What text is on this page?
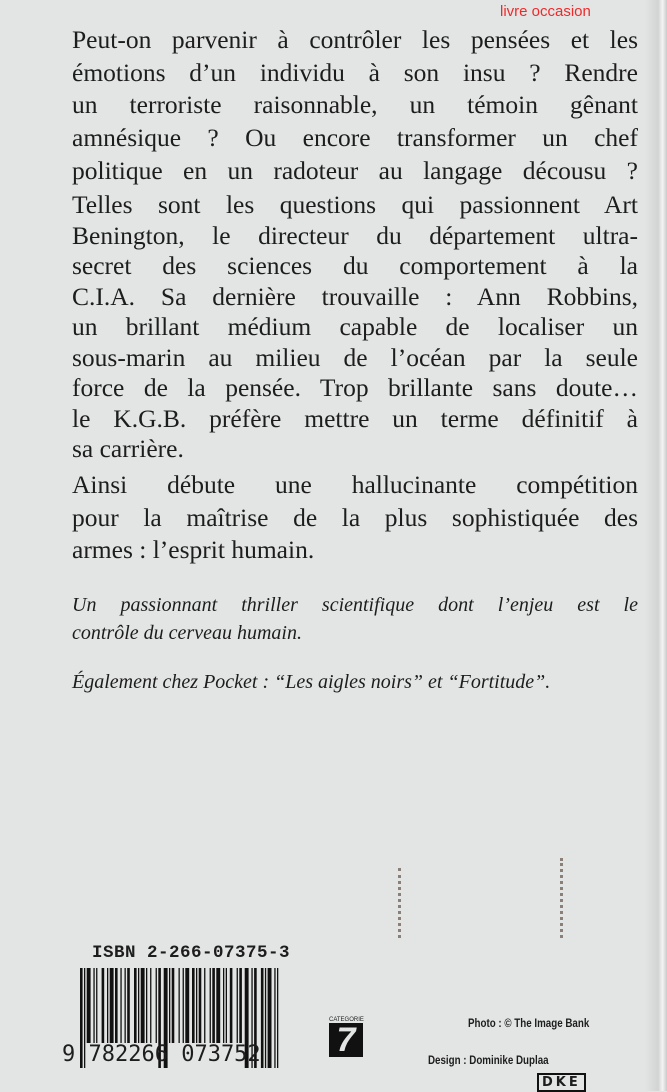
Peut-on parvenir à contrôler les pensées et les
émotions d’un individu à son insu ? Rendre
un terroriste raisonnable, un témoin gênant
amnésique ? Ou encore transformer un chef
politique en un radoteur au langage décousu ?
Telles sont les questions qui passionnent Art
Benington, le directeur du département ultra-
secret des sciences du comportement à la
C.I.A. Sa dernière trouvaille : Ann Robbins,
un brillant médium capable de localiser un
sous-marin au milieu de l’océan par la seule
force de la pensée. Trop brillante sans doute…
le K.G.B. préfère mettre un terme définitif à
sa carrière.
Ainsi débute une hallucinante compétition
pour la maîtrise de la plus sophistiquée des
armes : l’esprit humain.
livre occasion
Un passionnant thriller scientifique dont l’enjeu est le
contrôle du cerveau humain.
Également chez Pocket : “Les aigles noirs” et “Fortitude”.
ISBN 2-266-07375-3
9 782266 073752
CATEGORIE
7	Photo : © The Image Bank
Design : Dominike Duplaa
DKE
